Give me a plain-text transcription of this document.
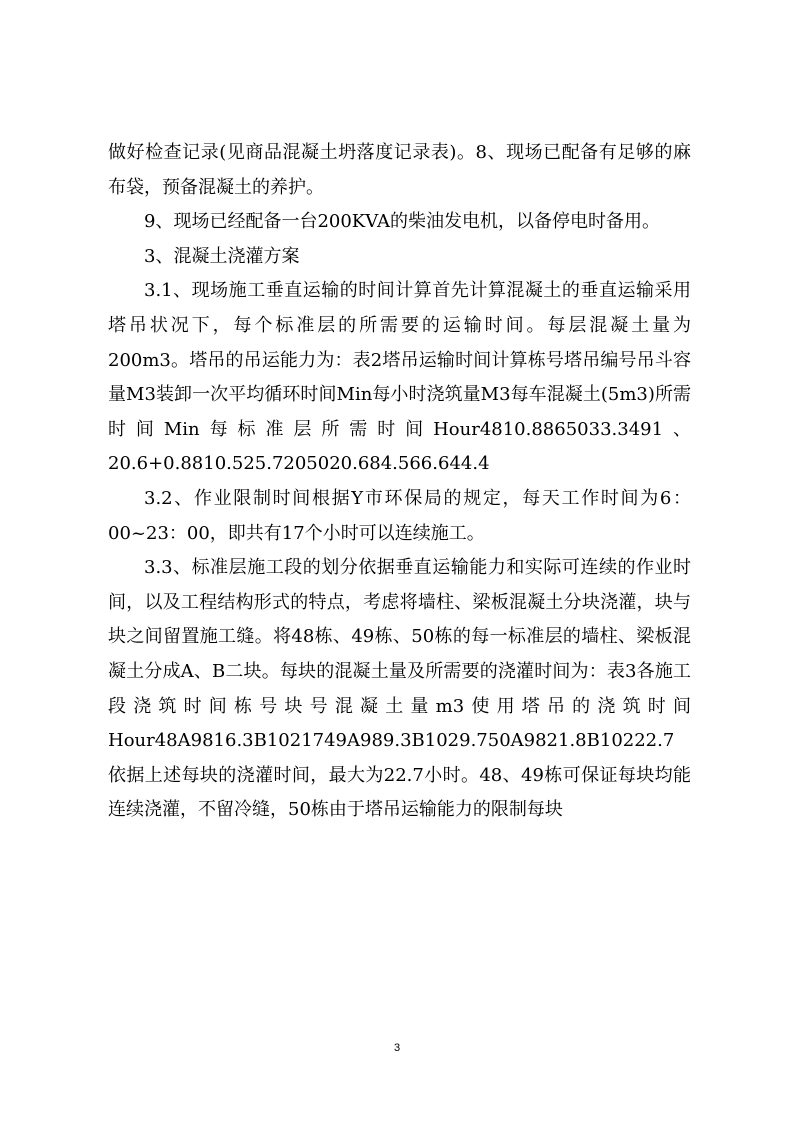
做好检查记录(见商品混凝土坍落度记录表)。8、现场已配备有足够的麻布袋，预备混凝土的养护。

9、现场已经配备一台200KVA的柴油发电机，以备停电时备用。

3、混凝土浇灌方案

3.1、现场施工垂直运输的时间计算首先计算混凝土的垂直运输采用塔吊状况下，每个标准层的所需要的运输时间。每层混凝土量为200m3。塔吊的吊运能力为：表2塔吊运输时间计算栋号塔吊编号吊斗容量M3装卸一次平均循环时间Min每小时浇筑量M3每车混凝土(5m3)所需时间Min每标准层所需时间Hour4810.8865033.3491、20.6+0.8810.525.7205020.684.566.644.4

3.2、作业限制时间根据Y市环保局的规定，每天工作时间为6：00~23：00，即共有17个小时可以连续施工。

3.3、标准层施工段的划分依据垂直运输能力和实际可连续的作业时间，以及工程结构形式的特点，考虑将墙柱、梁板混凝土分块浇灌，块与块之间留置施工缝。将48栋、49栋、50栋的每一标准层的墙柱、梁板混凝土分成A、B二块。每块的混凝土量及所需要的浇灌时间为：表3各施工段浇筑时间栋号块号混凝土量m3使用塔吊的浇筑时间Hour48A9816.3B1021749A989.3B1029.750A9821.8B10222.7依据上述每块的浇灌时间，最大为22.7小时。48、49栋可保证每块均能连续浇灌，不留冷缝，50栋由于塔吊运输能力的限制每块

3
